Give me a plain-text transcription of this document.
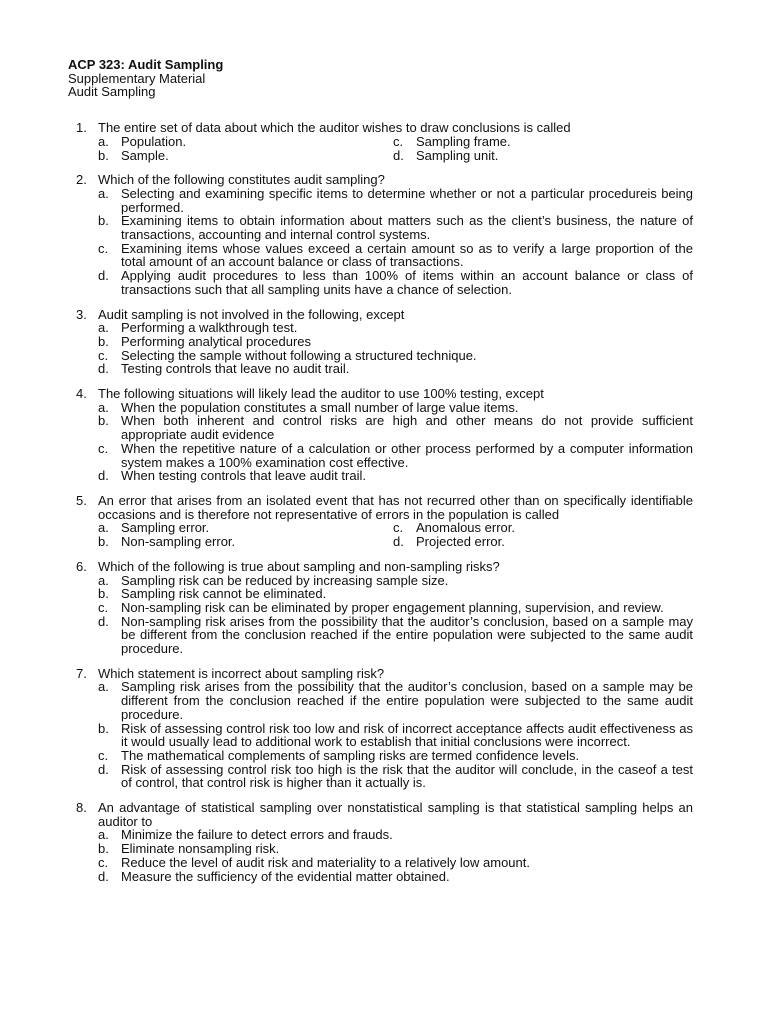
ACP 323: Audit Sampling
Supplementary Material
Audit Sampling
1. The entire set of data about which the auditor wishes to draw conclusions is called
a. Population.	c. Sampling frame.
b. Sample.	d. Sampling unit.
2. Which of the following constitutes audit sampling?
a. Selecting and examining specific items to determine whether or not a particular procedureis being performed.
b. Examining items to obtain information about matters such as the client’s business, the nature of transactions, accounting and internal control systems.
c. Examining items whose values exceed a certain amount so as to verify a large proportion of the total amount of an account balance or class of transactions.
d. Applying audit procedures to less than 100% of items within an account balance or class of transactions such that all sampling units have a chance of selection.
3. Audit sampling is not involved in the following, except
a. Performing a walkthrough test.
b. Performing analytical procedures
c. Selecting the sample without following a structured technique.
d. Testing controls that leave no audit trail.
4. The following situations will likely lead the auditor to use 100% testing, except
a. When the population constitutes a small number of large value items.
b. When both inherent and control risks are high and other means do not provide sufficient appropriate audit evidence
c. When the repetitive nature of a calculation or other process performed by a computer information system makes a 100% examination cost effective.
d. When testing controls that leave audit trail.
5. An error that arises from an isolated event that has not recurred other than on specifically identifiable occasions and is therefore not representative of errors in the population is called
a. Sampling error.	c. Anomalous error.
b. Non-sampling error.	d. Projected error.
6. Which of the following is true about sampling and non-sampling risks?
a. Sampling risk can be reduced by increasing sample size.
b. Sampling risk cannot be eliminated.
c. Non-sampling risk can be eliminated by proper engagement planning, supervision, and review.
d. Non-sampling risk arises from the possibility that the auditor’s conclusion, based on a sample may be different from the conclusion reached if the entire population were subjected to the same audit procedure.
7. Which statement is incorrect about sampling risk?
a. Sampling risk arises from the possibility that the auditor’s conclusion, based on a sample may be different from the conclusion reached if the entire population were subjected to the same audit procedure.
b. Risk of assessing control risk too low and risk of incorrect acceptance affects audit effectiveness as it would usually lead to additional work to establish that initial conclusions were incorrect.
c. The mathematical complements of sampling risks are termed confidence levels.
d. Risk of assessing control risk too high is the risk that the auditor will conclude, in the caseof a test of control, that control risk is higher than it actually is.
8. An advantage of statistical sampling over nonstatistical sampling is that statistical sampling helps an auditor to
a. Minimize the failure to detect errors and frauds.
b. Eliminate nonsampling risk.
c. Reduce the level of audit risk and materiality to a relatively low amount.
d. Measure the sufficiency of the evidential matter obtained.
